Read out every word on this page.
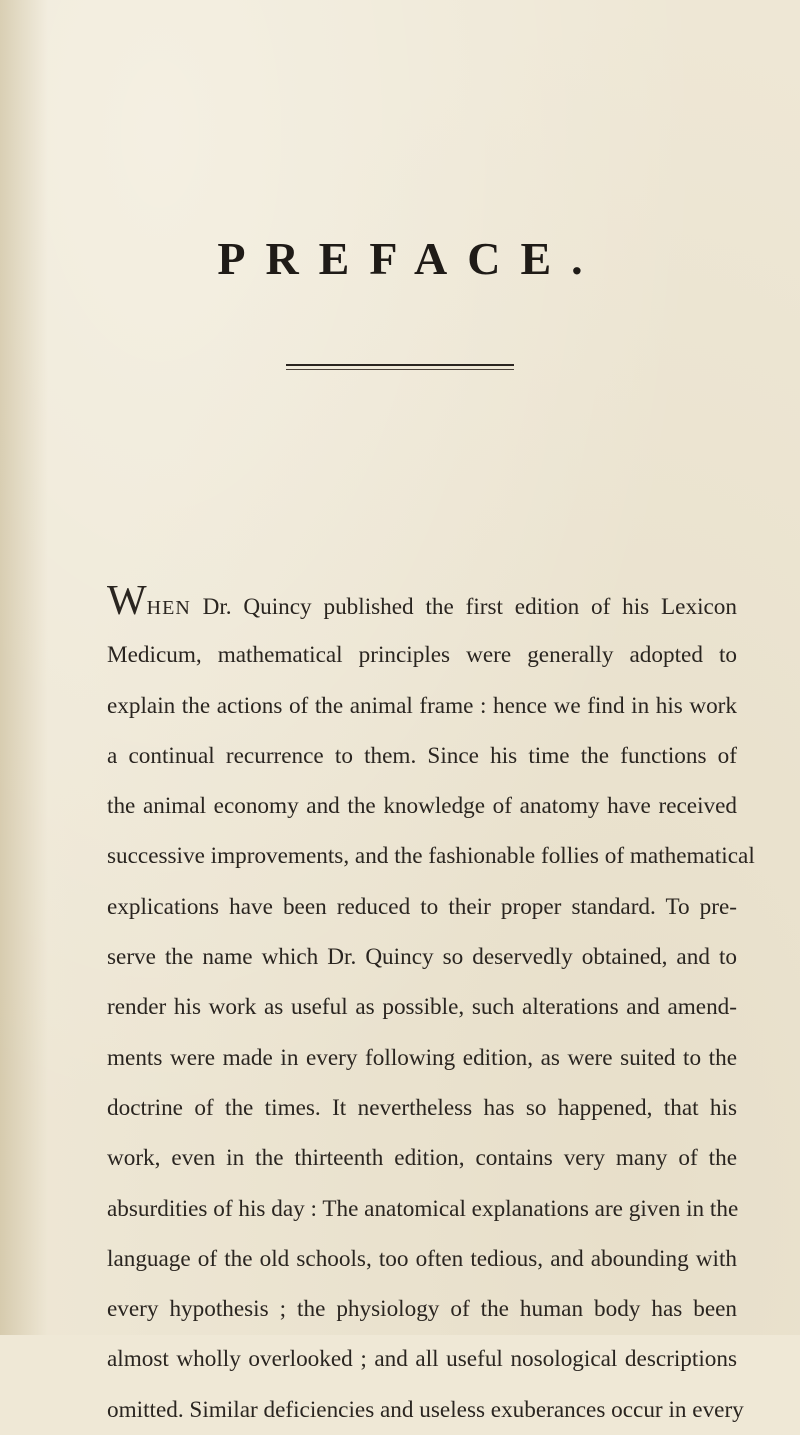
PREFACE.
WHEN Dr. Quincy published the first edition of his Lexicon
Medicum, mathematical principles were generally adopted to
explain the actions of the animal frame : hence we find in his work
a continual recurrence to them. Since his time the functions of
the animal economy and the knowledge of anatomy have received
successive improvements, and the fashionable follies of mathematical
explications have been reduced to their proper standard. To pre-
serve the name which Dr. Quincy so deservedly obtained, and to
render his work as useful as possible, such alterations and amend-
ments were made in every following edition, as were suited to the
doctrine of the times. It nevertheless has so happened, that his
work, even in the thirteenth edition, contains very many of the
absurdities of his day : The anatomical explanations are given in the
language of the old schools, too often tedious, and abounding with
every hypothesis ; the physiology of the human body has been
almost wholly overlooked ; and all useful nosological descriptions
omitted. Similar deficiencies and useless exuberances occur in every
